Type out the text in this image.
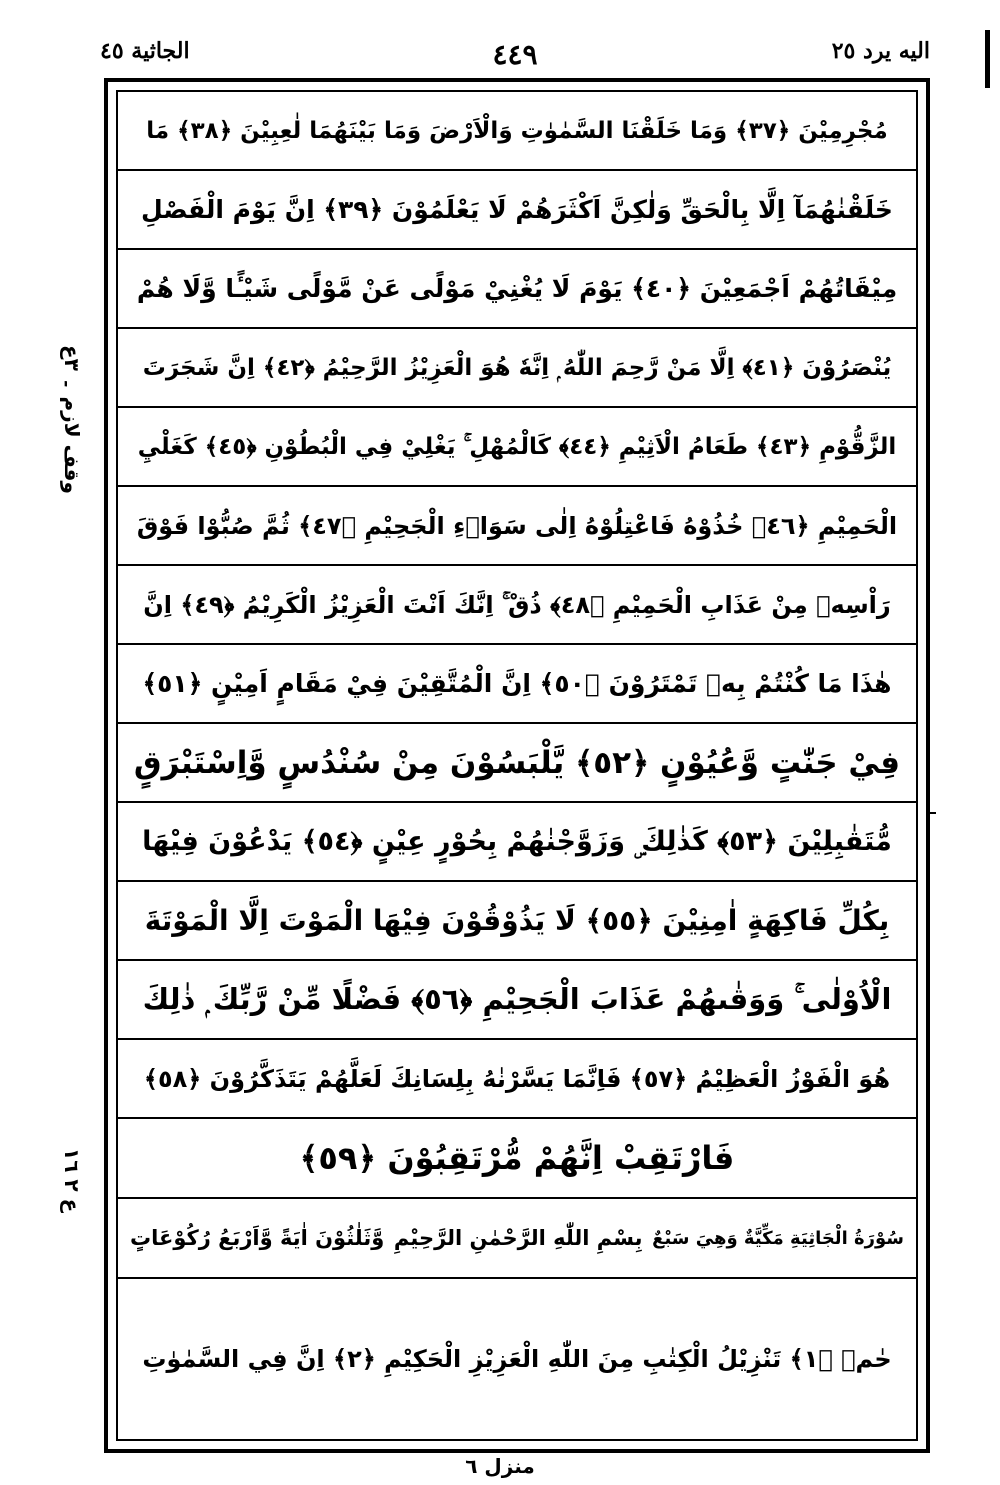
الجاثية ٤٥	٤٤٩	اليه يرد ٢٥
مُجْرِمِيْنَ ﴿٣٧﴾ وَمَا خَلَقْنَا السَّمٰوٰتِ وَالْاَرْضَ وَمَا بَيْنَهُمَا لٰعِبِيْنَ ﴿٣٨﴾ مَا
خَلَقْنٰهُمَآ اِلَّا بِالْحَقِّ وَلٰكِنَّ اَكْثَرَهُمْ لَا يَعْلَمُوْنَ ﴿٣٩﴾ اِنَّ يَوْمَ الْفَصْلِ
مِيْقَاتُهُمْ اَجْمَعِيْنَ ﴿٤٠﴾ يَوْمَ لَا يُغْنِيْ مَوْلًى عَنْ مَّوْلًى شَيْـًٔا وَّلَا هُمْ
يُنْصَرُوْنَ ﴿٤١﴾ اِلَّا مَنْ رَّحِمَ اللّٰهُ ۭ اِنَّهٗ هُوَ الْعَزِيْزُ الرَّحِيْمُ ﴿٤٢﴾ اِنَّ شَجَرَتَ
الزَّقُّوْمِ ﴿٤٣﴾ طَعَامُ الْاَثِيْمِ ﴿٤٤﴾ كَالْمُهْلِ ۚ يَغْلِيْ فِي الْبُطُوْنِ ﴿٤٥﴾ كَغَلْيِ
الْحَمِيْمِ ﴿٤٦﴾ خُذُوْهُ فَاعْتِلُوْهُ اِلٰى سَوَاۗءِ الْجَحِيْمِ ﴿٤٧﴾ ثُمَّ صُبُّوْا فَوْقَ
رَاْسِهٖ مِنْ عَذَابِ الْحَمِيْمِ ﴿٤٨﴾ ذُقْ ۚ اِنَّكَ اَنْتَ الْعَزِيْزُ الْكَرِيْمُ ﴿٤٩﴾ اِنَّ
هٰذَا مَا كُنْتُمْ بِهٖ تَمْتَرُوْنَ ﴿٥٠﴾ اِنَّ الْمُتَّقِيْنَ فِيْ مَقَامٍ اَمِيْنٍ ﴿٥١﴾
فِيْ جَنّٰتٍ وَّعُيُوْنٍ ﴿٥٢﴾ يَّلْبَسُوْنَ مِنْ سُنْدُسٍ وَّاِسْتَبْرَقٍ
مُّتَقٰبِلِيْنَ ﴿٥٣﴾ كَذٰلِكَ ۣ وَزَوَّجْنٰهُمْ بِحُوْرٍ عِيْنٍ ﴿٥٤﴾ يَدْعُوْنَ فِيْهَا
بِكُلِّ فَاكِهَةٍ اٰمِنِيْنَ ﴿٥٥﴾ لَا يَذُوْقُوْنَ فِيْهَا الْمَوْتَ اِلَّا الْمَوْتَةَ
الْاُوْلٰى ۚ وَوَقٰىهُمْ عَذَابَ الْجَحِيْمِ ﴿٥٦﴾ فَضْلًا مِّنْ رَّبِّكَ ۭ ذٰلِكَ
هُوَ الْفَوْزُ الْعَظِيْمُ ﴿٥٧﴾ فَاِنَّمَا يَسَّرْنٰهُ بِلِسَانِكَ لَعَلَّهُمْ يَتَذَكَّرُوْنَ ﴿٥٨﴾
فَارْتَقِبْ اِنَّهُمْ مُّرْتَقِبُوْنَ ﴿٥٩﴾
وَّثَلٰثُوْنَ اٰيَةً وَّاَرْبَعُ رُكُوْعَاتٍ بِسْمِ اللّٰهِ الرَّحْمٰنِ الرَّحِيْمِ سُوْرَةُ الْجَاثِيَةِ مَكِّيَّةٌ وَهِيَ سَبْعٌ
حٰمۗ ﴿١﴾ تَنْزِيْلُ الْكِتٰبِ مِنَ اللّٰهِ الْعَزِيْزِ الْحَكِيْمِ ﴿٢﴾ اِنَّ فِي السَّمٰوٰتِ
وقف لازم ۔ ٣ع
ع ٢ ١٦
منزل ٦
